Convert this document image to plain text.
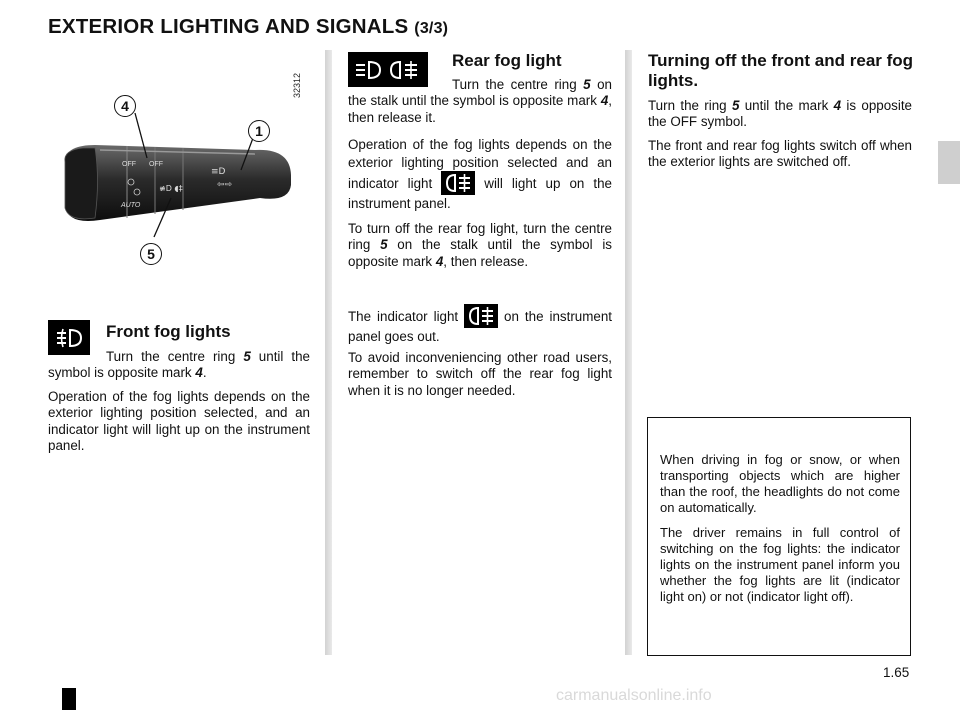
EXTERIOR LIGHTING AND SIGNALS (3/3)
32312
OFF OFF
AUTO
≢D ◖‡
≡D
⇦⇨
4
1
5
Front fog lights

Turn the centre ring 5 until the symbol is opposite mark 4.

Operation of the fog lights depends on the exterior lighting position selected, and an indicator light will light up on the instrument panel.

Rear fog light

Turn the centre ring 5 on the stalk until the symbol is opposite mark 4, then release it.

Operation of the fog lights depends on the exterior lighting position selected and an indicator light	will light up on the instrument panel.

To turn off the rear fog light, turn the centre ring 5 on the stalk until the symbol is opposite mark 4, then release.

The indicator light	on the instrument panel goes out.

To avoid inconveniencing other road users, remember to switch off the rear fog light when it is no longer needed.

Turning off the front and rear fog lights.

Turn the ring 5 until the mark 4 is opposite the OFF symbol.

The front and rear fog lights switch off when the exterior lights are switched off.

When driving in fog or snow, or when transporting objects which are higher than the roof, the headlights do not come on automatically.

The driver remains in full control of switching on the fog lights: the indicator lights on the instrument panel inform you whether the fog lights are lit (indicator light on) or not (indicator light off).

1.65
carmanualsonline.info
